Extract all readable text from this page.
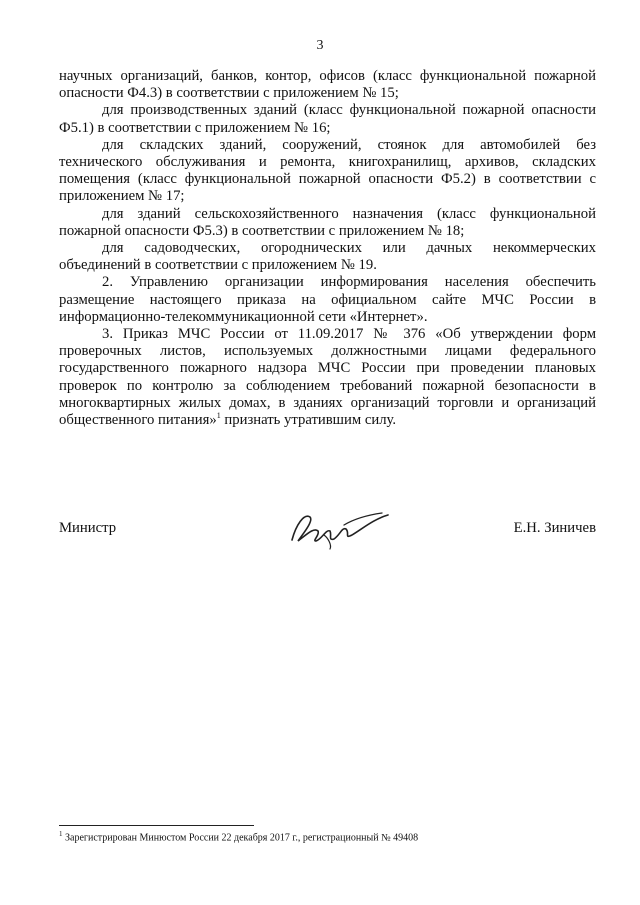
3

научных организаций, банков, контор, офисов (класс функциональной пожарной опасности Ф4.3) в соответствии с приложением № 15;

для производственных зданий (класс функциональной пожарной опасности Ф5.1) в соответствии с приложением № 16;

для складских зданий, сооружений, стоянок для автомобилей без технического обслуживания и ремонта, книгохранилищ, архивов, складских помещения (класс функциональной пожарной опасности Ф5.2) в соответствии с приложением № 17;

для зданий сельскохозяйственного назначения (класс функциональной пожарной опасности Ф5.3) в соответствии с приложением № 18;

для садоводческих, огороднических или дачных некоммерческих объединений в соответствии с приложением № 19.

2. Управлению организации информирования населения обеспечить размещение настоящего приказа на официальном сайте МЧС России в информационно-телекоммуникационной сети «Интернет».

3. Приказ МЧС России от 11.09.2017 № 376 «Об утверждении форм проверочных листов, используемых должностными лицами федерального государственного пожарного надзора МЧС России при проведении плановых проверок по контролю за соблюдением требований пожарной безопасности в многоквартирных жилых домах, в зданиях организаций торговли и организаций общественного питания»$^1$ признать утратившим силу.

Министр	Е.Н. Зиничев
$^1$ Зарегистрирован Минюстом России 22 декабря 2017 г., регистрационный № 49408
